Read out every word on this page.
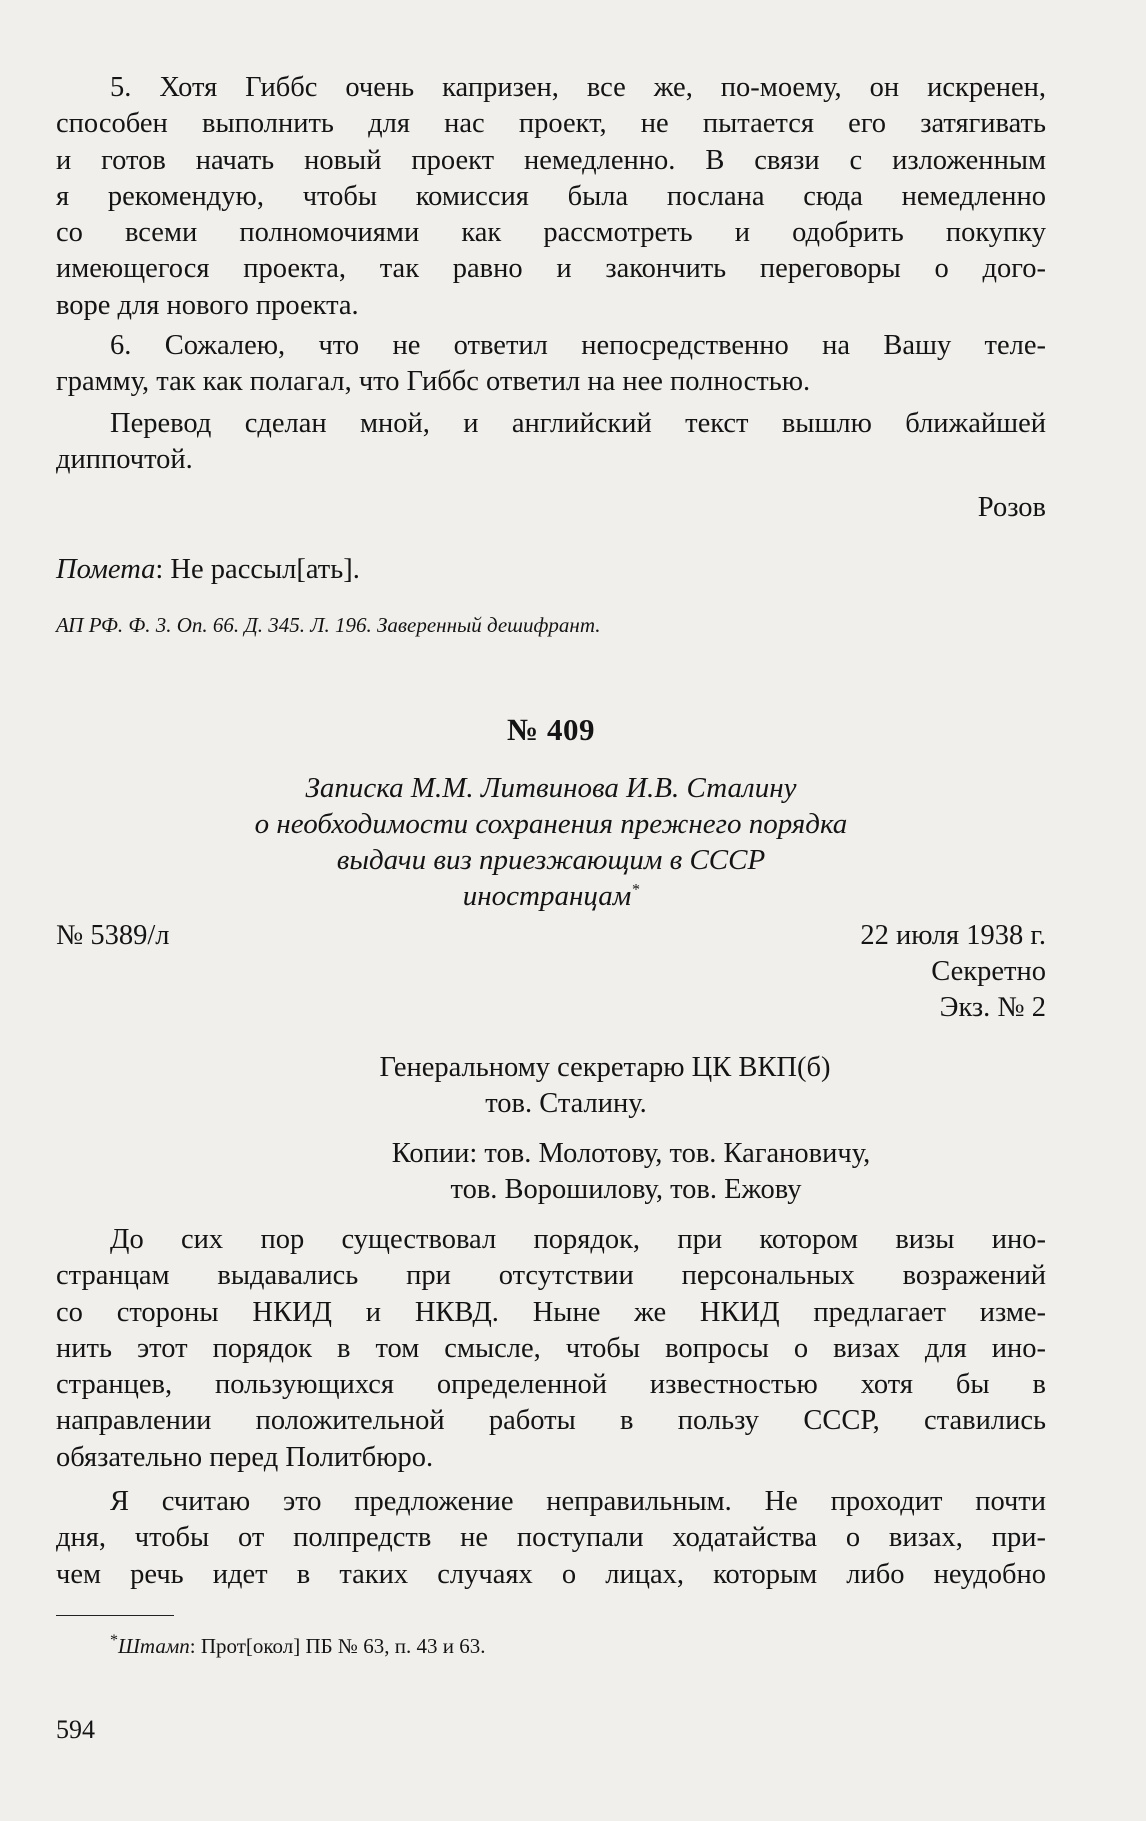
5. Хотя Гиббс очень капризен, все же, по-моему, он искренен,

способен выполнить для нас проект, не пытается его затягивать
и готов начать новый проект немедленно. В связи с изложенным
я рекомендую, чтобы комиссия была послана сюда немедленно
со всеми полномочиями как рассмотреть и одобрить покупку
имеющегося проекта, так равно и закончить переговоры о дого-
воре для нового проекта.
6. Сожалею, что не ответил непосредственно на Вашу теле-
грамму, так как полагал, что Гиббс ответил на нее полностью.
Перевод сделан мной, и английский текст вышлю ближайшей
диппочтой.
Розов
Помета: Не рассыл[ать].
АП РФ. Ф. 3. Оп. 66. Д. 345. Л. 196. Заверенный дешифрант.
№ 409
Записка М.М. Литвинова И.В. Сталину
о необходимости сохранения прежнего порядка
выдачи виз приезжающим в СССР
иностранцам*
№ 5389/л	22 июля 1938 г.
Секретно
Экз. № 2
Генеральному секретарю ЦК ВКП(б)
тов. Сталину.
Копии: тов. Молотову, тов. Кагановичу,
тов. Ворошилову, тов. Ежову
До сих пор существовал порядок, при котором визы ино-
странцам выдавались при отсутствии персональных возражений
со стороны НКИД и НКВД. Ныне же НКИД предлагает изме-
нить этот порядок в том смысле, чтобы вопросы о визах для ино-
странцев, пользующихся определенной известностью хотя бы в
направлении положительной работы в пользу СССР, ставились
обязательно перед Политбюро.
Я считаю это предложение неправильным. Не проходит почти
дня, чтобы от полпредств не поступали ходатайства о визах, при-
чем речь идет в таких случаях о лицах, которым либо неудобно
*Штамп: Прот[окол] ПБ № 63, п. 43 и 63.
594
